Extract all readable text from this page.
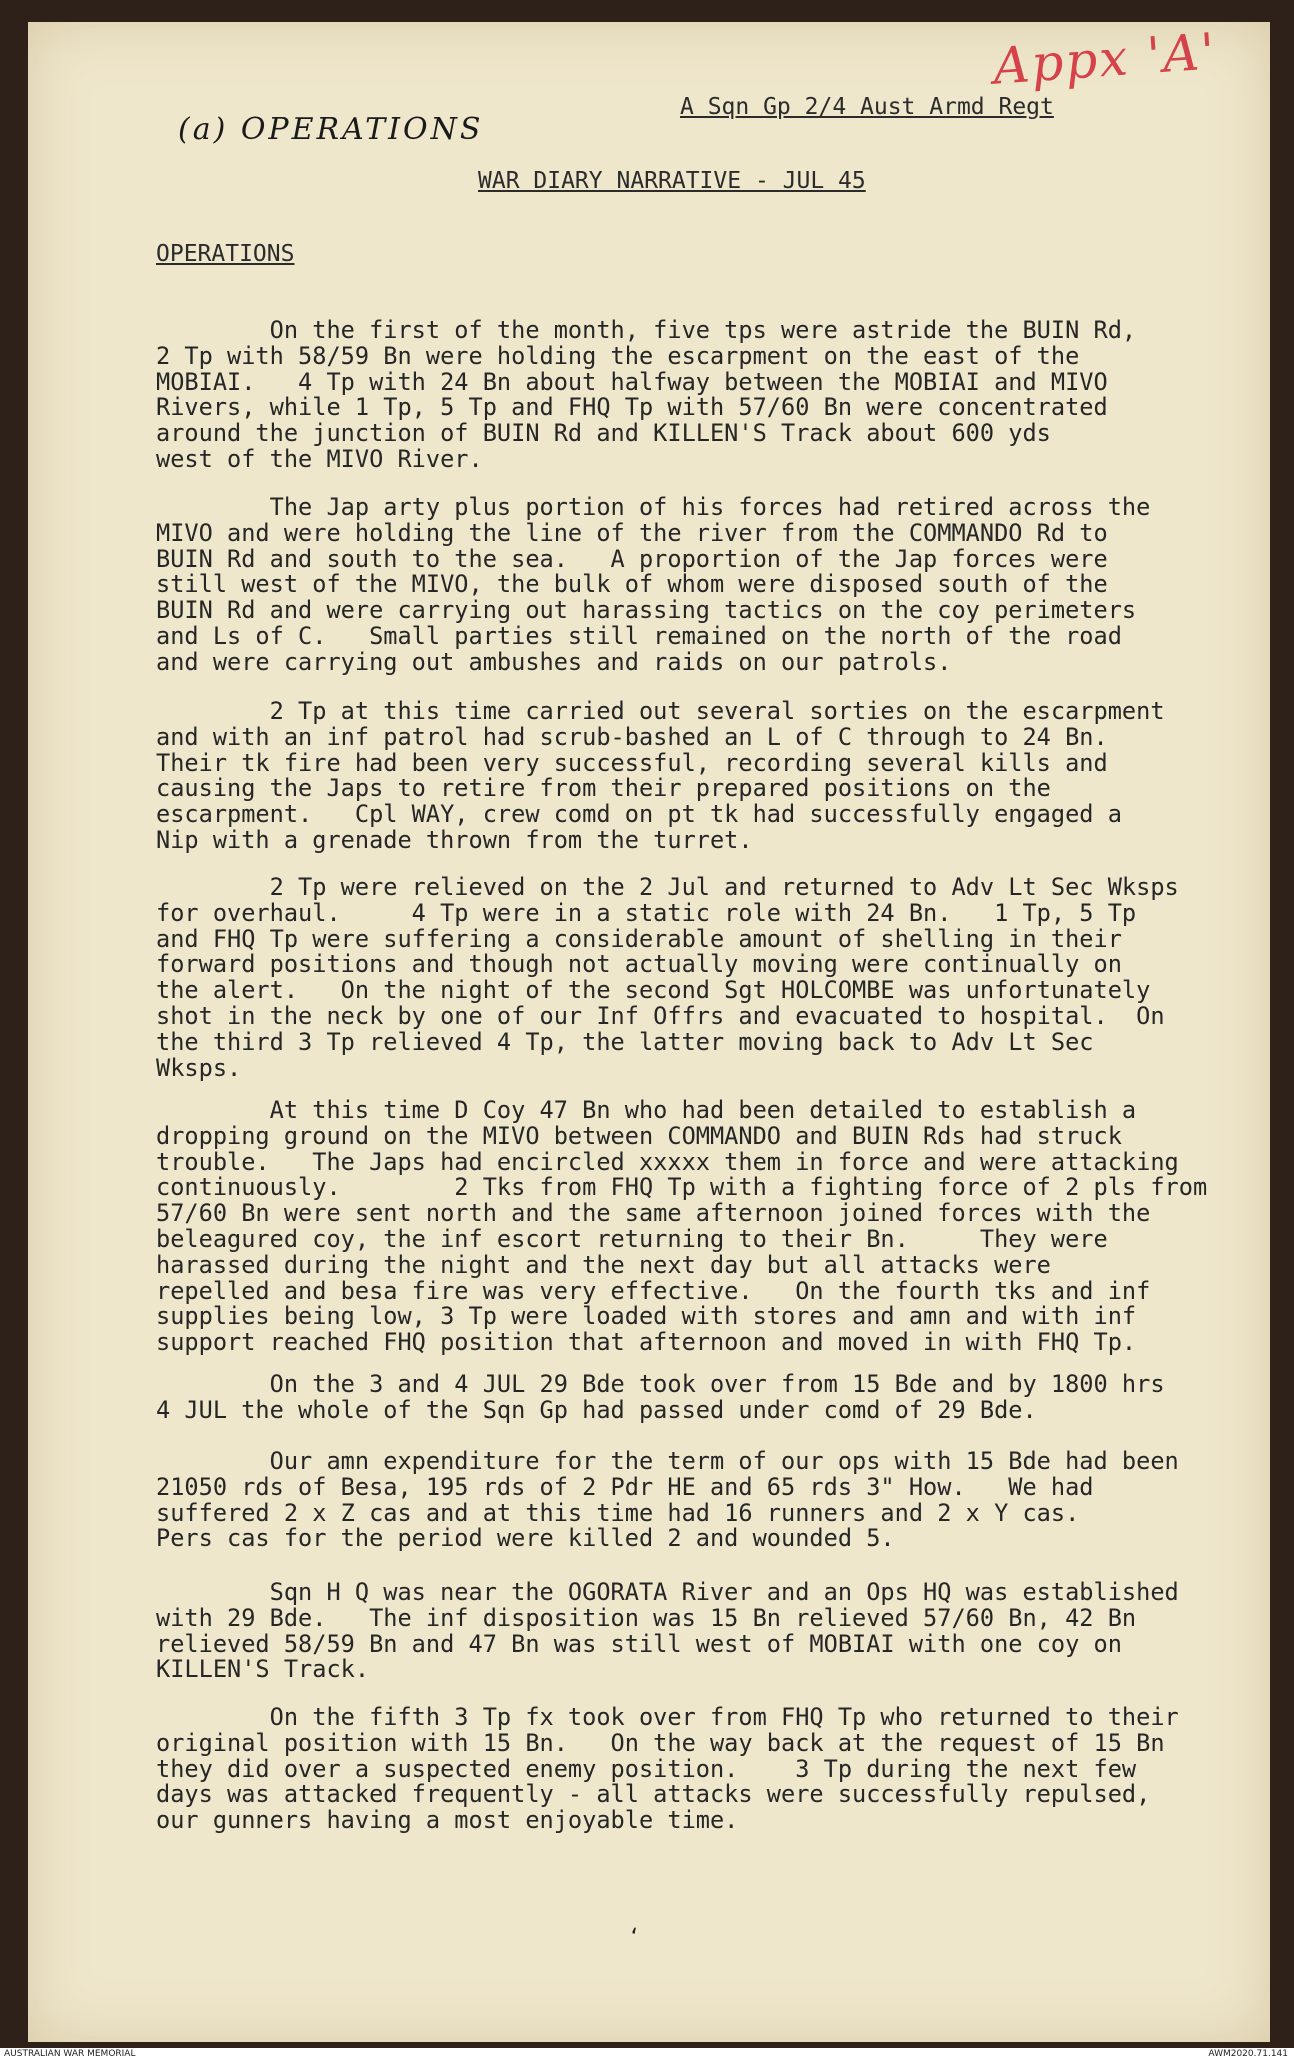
Appx 'A'
(a) OPERATIONS
A Sqn Gp 2/4 Aust Armd Regt
WAR DIARY NARRATIVE - JUL 45
OPERATIONS

On the first of the month, five tps were astride the BUIN Rd,
2 Tp with 58/59 Bn were holding the escarpment on the east of the
MOBIAI.   4 Tp with 24 Bn about halfway between the MOBIAI and MIVO
Rivers, while 1 Tp, 5 Tp and FHQ Tp with 57/60 Bn were concentrated
around the junction of BUIN Rd and KILLEN'S Track about 600 yds
west of the MIVO River.

The Jap arty plus portion of his forces had retired across the
MIVO and were holding the line of the river from the COMMANDO Rd to
BUIN Rd and south to the sea.   A proportion of the Jap forces were
still west of the MIVO, the bulk of whom were disposed south of the
BUIN Rd and were carrying out harassing tactics on the coy perimeters
and Ls of C.   Small parties still remained on the north of the road
and were carrying out ambushes and raids on our patrols.

2 Tp at this time carried out several sorties on the escarpment
and with an inf patrol had scrub-bashed an L of C through to 24 Bn.
Their tk fire had been very successful, recording several kills and
causing the Japs to retire from their prepared positions on the
escarpment.   Cpl WAY, crew comd on pt tk had successfully engaged a
Nip with a grenade thrown from the turret.

2 Tp were relieved on the 2 Jul and returned to Adv Lt Sec Wksps
for overhaul.     4 Tp were in a static role with 24 Bn.   1 Tp, 5 Tp
and FHQ Tp were suffering a considerable amount of shelling in their
forward positions and though not actually moving were continually on
the alert.   On the night of the second Sgt HOLCOMBE was unfortunately
shot in the neck by one of our Inf Offrs and evacuated to hospital.  On
the third 3 Tp relieved 4 Tp, the latter moving back to Adv Lt Sec
Wksps.

At this time D Coy 47 Bn who had been detailed to establish a
dropping ground on the MIVO between COMMANDO and BUIN Rds had struck
trouble.   The Japs had encircled xxxxx them in force and were attacking
continuously.        2 Tks from FHQ Tp with a fighting force of 2 pls from
57/60 Bn were sent north and the same afternoon joined forces with the
beleagured coy, the inf escort returning to their Bn.     They were
harassed during the night and the next day but all attacks were
repelled and besa fire was very effective.   On the fourth tks and inf
supplies being low, 3 Tp were loaded with stores and amn and with inf
support reached FHQ position that afternoon and moved in with FHQ Tp.

On the 3 and 4 JUL 29 Bde took over from 15 Bde and by 1800 hrs
4 JUL the whole of the Sqn Gp had passed under comd of 29 Bde.

Our amn expenditure for the term of our ops with 15 Bde had been
21050 rds of Besa, 195 rds of 2 Pdr HE and 65 rds 3" How.   We had
suffered 2 x Z cas and at this time had 16 runners and 2 x Y cas.
Pers cas for the period were killed 2 and wounded 5.

Sqn H Q was near the OGORATA River and an Ops HQ was established
with 29 Bde.   The inf disposition was 15 Bn relieved 57/60 Bn, 42 Bn
relieved 58/59 Bn and 47 Bn was still west of MOBIAI with one coy on
KILLEN'S Track.

On the fifth 3 Tp fx took over from FHQ Tp who returned to their
original position with 15 Bn.   On the way back at the request of 15 Bn
they did over a suspected enemy position.    3 Tp during the next few
days was attacked frequently - all attacks were successfully repulsed,
our gunners having a most enjoyable time.

ʻ
AUSTRALIAN WAR MEMORIAL	AWM2020.71.141
